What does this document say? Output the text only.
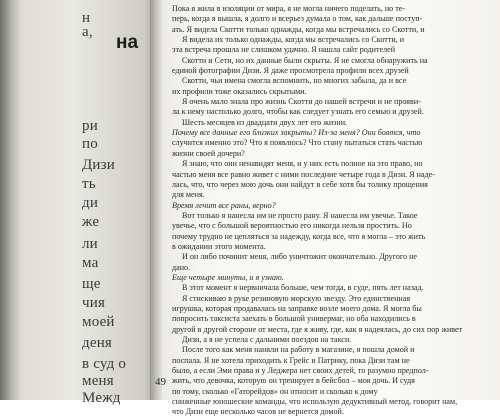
на
н
а,
ри
по
Дизи
ть
ди
же
ли
ма
ще
чия
моей
деня
в суд о
меня
Межд
Пока я жила в изоляции от мира, я не могла ничего поделать, но те-
перь, когда я вышла, я долго и всерьез думала о том, как дальше поступ-
ать. Я видела Скотти только однажды, когда мы встречались со Скотти, и
Я видела их только однажды, когда мы встречались со Скотти, и
эта встреча прошла не слишком удачно. Я нашла сайт родителей
Скотти и Сети, но их данные были скрыты. Я не смогла обнаружить на
единой фотографии Дизи. Я даже просмотрела профили всех друзей
Скотти, чьи имена смогла вспомнить, но многих забыла, да и все
их профили тоже оказались скрытыми.
Я очень мало знала про жизнь Скотти до нашей встречи и не прояви-
ла к нему настолько долго, чтобы как следует узнать его семью и друзей.
Шесть месяцев из двадцати двух лет его жизни.
Почему все данные его близких закрыты? Из-за меня? Они боятся, что
случится именно это? Что я появлюсь? Что стану пытаться стать частью
жизни своей дочери?
Я знаю, что они ненавидят меня, и у них есть полное на это право, но
частью меня все равно живет с ними последние четыре года в Дизи. Я наде-
лась, что, что через мою дочь они найдут в себе хотя бы толику прощения
для меня.
Время лечит все раны, верно?
Вот только я нанесла им не просто рану. Я нанесла им увечье. Такое
увечье, что с большой вероятностью его никогда нельзя простить. Но
почему трудно не цепляться за надежду, когда все, что я могла – это жить
в ожидании этого момента.
И он либо починит меня, либо уничтожит окончательно. Другого не
дано.
Еще четыре минуты, и я узнаю.
В этот момент я нервничала больше, чем тогда, в суде, пять лет назад.
Я стискиваю в руке резиновую морскую звезду. Это единственная
игрушка, которая продавалась на заправке возле моего дома. Я могла бы
попросить таксиста заехать в большой универмаг, но оба находились в
другой в другой стороне от места, где я живу, где, как я надеялась, до сих пор живет
Дизи, а я не успела с дальними поездов на такси.
После того как меня наняли на работу в магазине, я пошла домой и
поспала. Я не хотела приходить к Грейс и Патрику, пока Дизи там не
было, а если Эми права и у Леджера нет своих детей, то разумно предпол-
жить, что девочка, которую он тренирует в бейсбол – моя дочь. И судя
по тому, сколько «Гаторейдов» он относит и сколько к дому
сниженные юношеские команды, что использую дедуктивный метод, говорит нам,
что Дизи еще несколько часов не вернется домой.
49
